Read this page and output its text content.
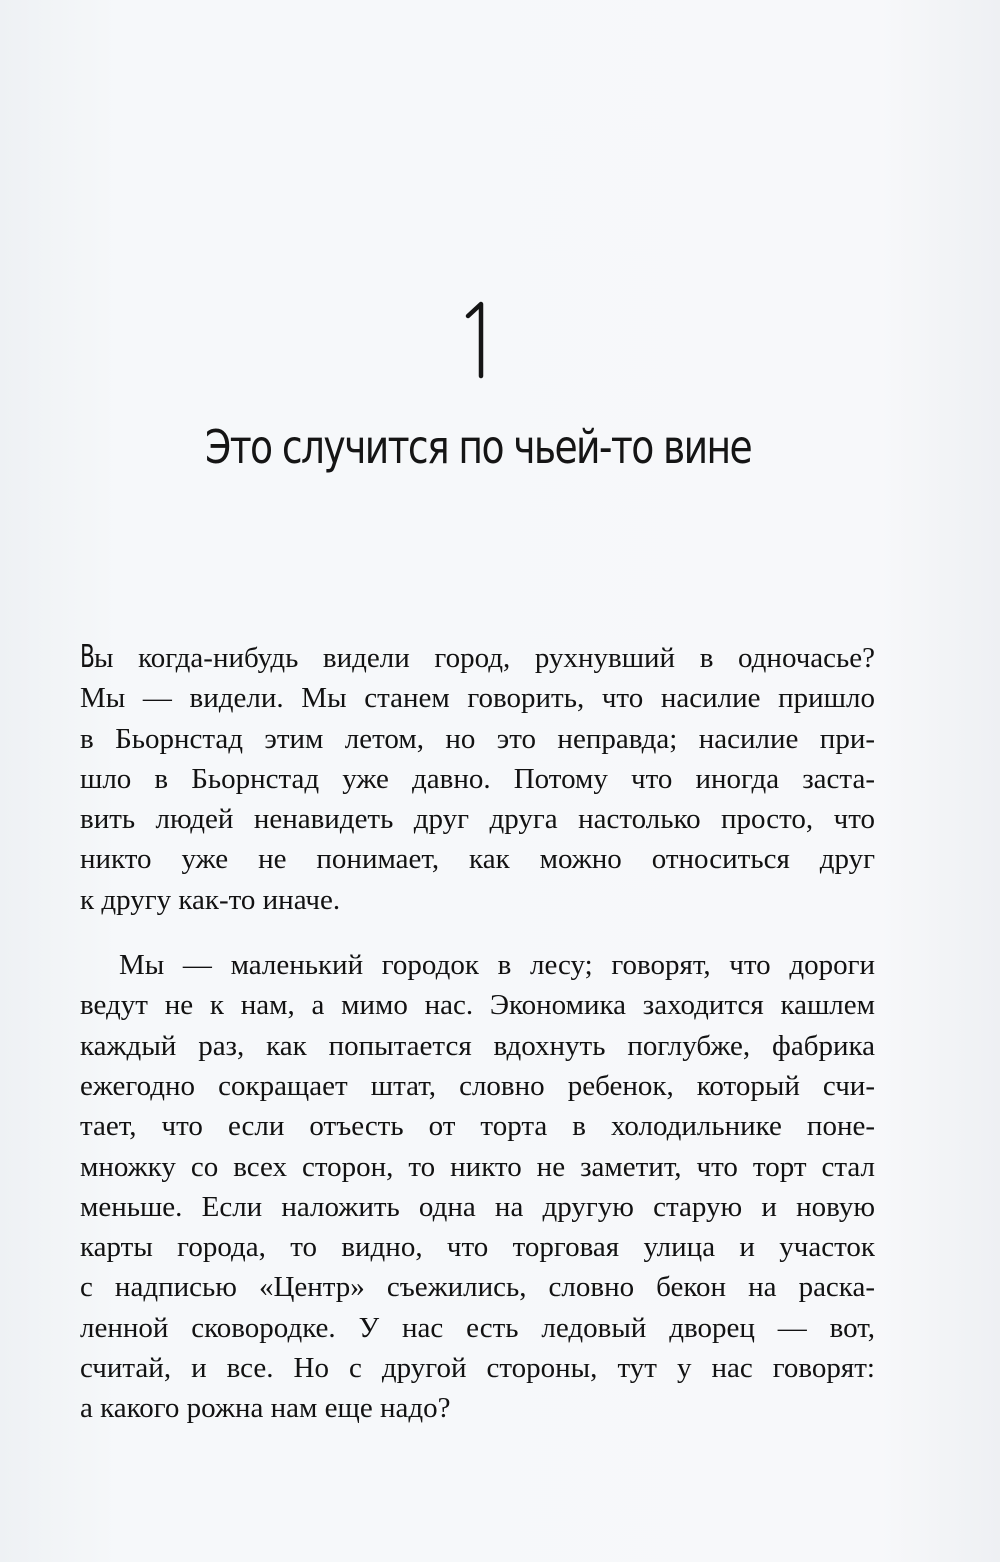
Это случится по чьей-то вине

Вы когда-нибудь видели город, рухнувший в одночасье?
Мы — видели. Мы станем говорить, что насилие пришло
в Бьорнстад этим летом, но это неправда; насилие при-
шло в Бьорнстад уже давно. Потому что иногда заста-
вить людей ненавидеть друг друга настолько просто, что
никто уже не понимает, как можно относиться друг
к другу как-то иначе.

Мы — маленький городок в лесу; говорят, что дороги
ведут не к нам, а мимо нас. Экономика заходится кашлем
каждый раз, как попытается вдохнуть поглубже, фабрика
ежегодно сокращает штат, словно ребенок, который счи-
тает, что если отъесть от торта в холодильнике поне-
множку со всех сторон, то никто не заметит, что торт стал
меньше. Если наложить одна на другую старую и новую
карты города, то видно, что торговая улица и участок
с надписью «Центр» съежились, словно бекон на раска-
ленной сковородке. У нас есть ледовый дворец — вот,
считай, и все. Но с другой стороны, тут у нас говорят:
а какого рожна нам еще надо?
